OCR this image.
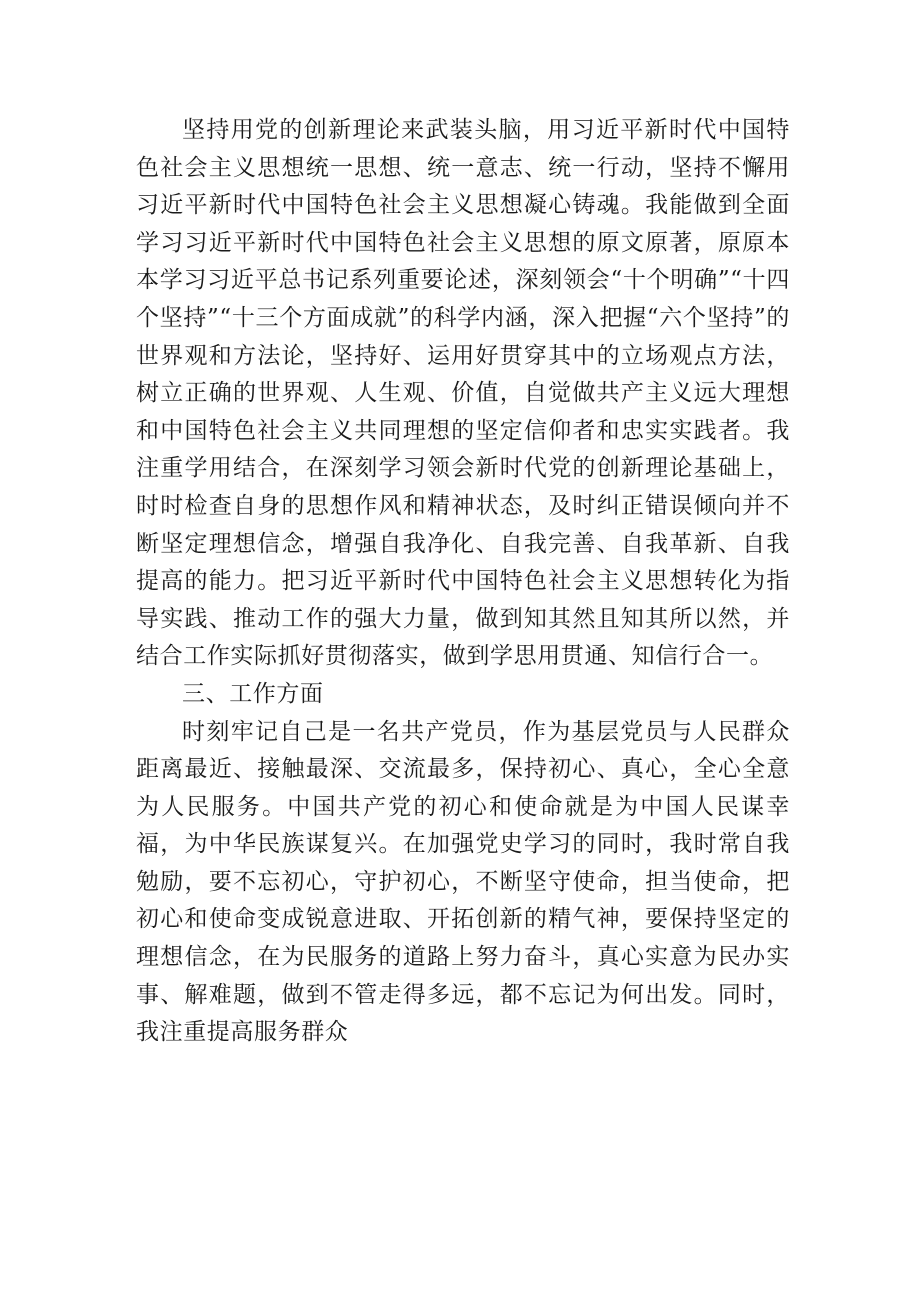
坚持用党的创新理论来武装头脑，用习近平新时代中国特色社会主义思想统一思想、统一意志、统一行动，坚持不懈用习近平新时代中国特色社会主义思想凝心铸魂。我能做到全面学习习近平新时代中国特色社会主义思想的原文原著，原原本本学习习近平总书记系列重要论述，深刻领会“十个明确”“十四个坚持”“十三个方面成就”的科学内涵，深入把握“六个坚持”的世界观和方法论，坚持好、运用好贯穿其中的立场观点方法，树立正确的世界观、人生观、价值，自觉做共产主义远大理想和中国特色社会主义共同理想的坚定信仰者和忠实实践者。我注重学用结合，在深刻学习领会新时代党的创新理论基础上，时时检查自身的思想作风和精神状态，及时纠正错误倾向并不断坚定理想信念，增强自我净化、自我完善、自我革新、自我提高的能力。把习近平新时代中国特色社会主义思想转化为指导实践、推动工作的强大力量，做到知其然且知其所以然，并结合工作实际抓好贯彻落实，做到学思用贯通、知信行合一。

三、工作方面

时刻牢记自己是一名共产党员，作为基层党员与人民群众距离最近、接触最深、交流最多，保持初心、真心，全心全意为人民服务。中国共产党的初心和使命就是为中国人民谋幸福，为中华民族谋复兴。在加强党史学习的同时，我时常自我勉励，要不忘初心，守护初心，不断坚守使命，担当使命，把初心和使命变成锐意进取、开拓创新的精气神，要保持坚定的理想信念，在为民服务的道路上努力奋斗，真心实意为民办实事、解难题，做到不管走得多远，都不忘记为何出发。同时，我注重提高服务群众
